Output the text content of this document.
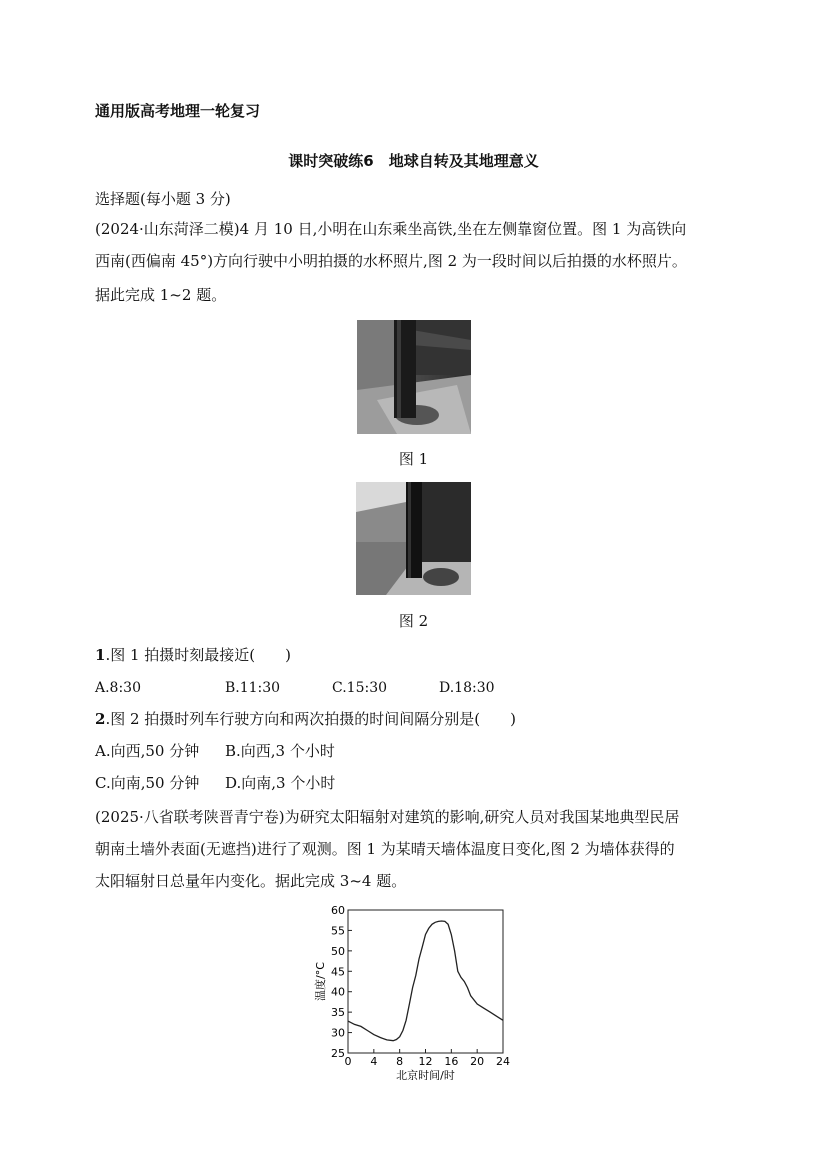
通用版高考地理一轮复习
课时突破练6　地球自转及其地理意义
选择题(每小题 3 分)
(2024·山东菏泽二模)4 月 10 日,小明在山东乘坐高铁,坐在左侧靠窗位置。图 1 为高铁向
西南(西偏南 45°)方向行驶中小明拍摄的水杯照片,图 2 为一段时间以后拍摄的水杯照片。
据此完成 1~2 题。
图 1
图 2
1.图 1 拍摄时刻最接近(　　)
A.8:30	B.11:30	C.15:30	D.18:30
2.图 2 拍摄时列车行驶方向和两次拍摄的时间间隔分别是(　　)
A.向西,50 分钟 B.向西,3 个小时
C.向南,50 分钟 D.向南,3 个小时
(2025·八省联考陕晋青宁卷)为研究太阳辐射对建筑的影响,研究人员对我国某地典型民居
朝南土墙外表面(无遮挡)进行了观测。图 1 为某晴天墙体温度日变化,图 2 为墙体获得的
太阳辐射日总量年内变化。据此完成 3~4 题。
0 4 8 12 16 20 24
25
30
35
40
45
50
55
60
北京时间/时
温度/°C
